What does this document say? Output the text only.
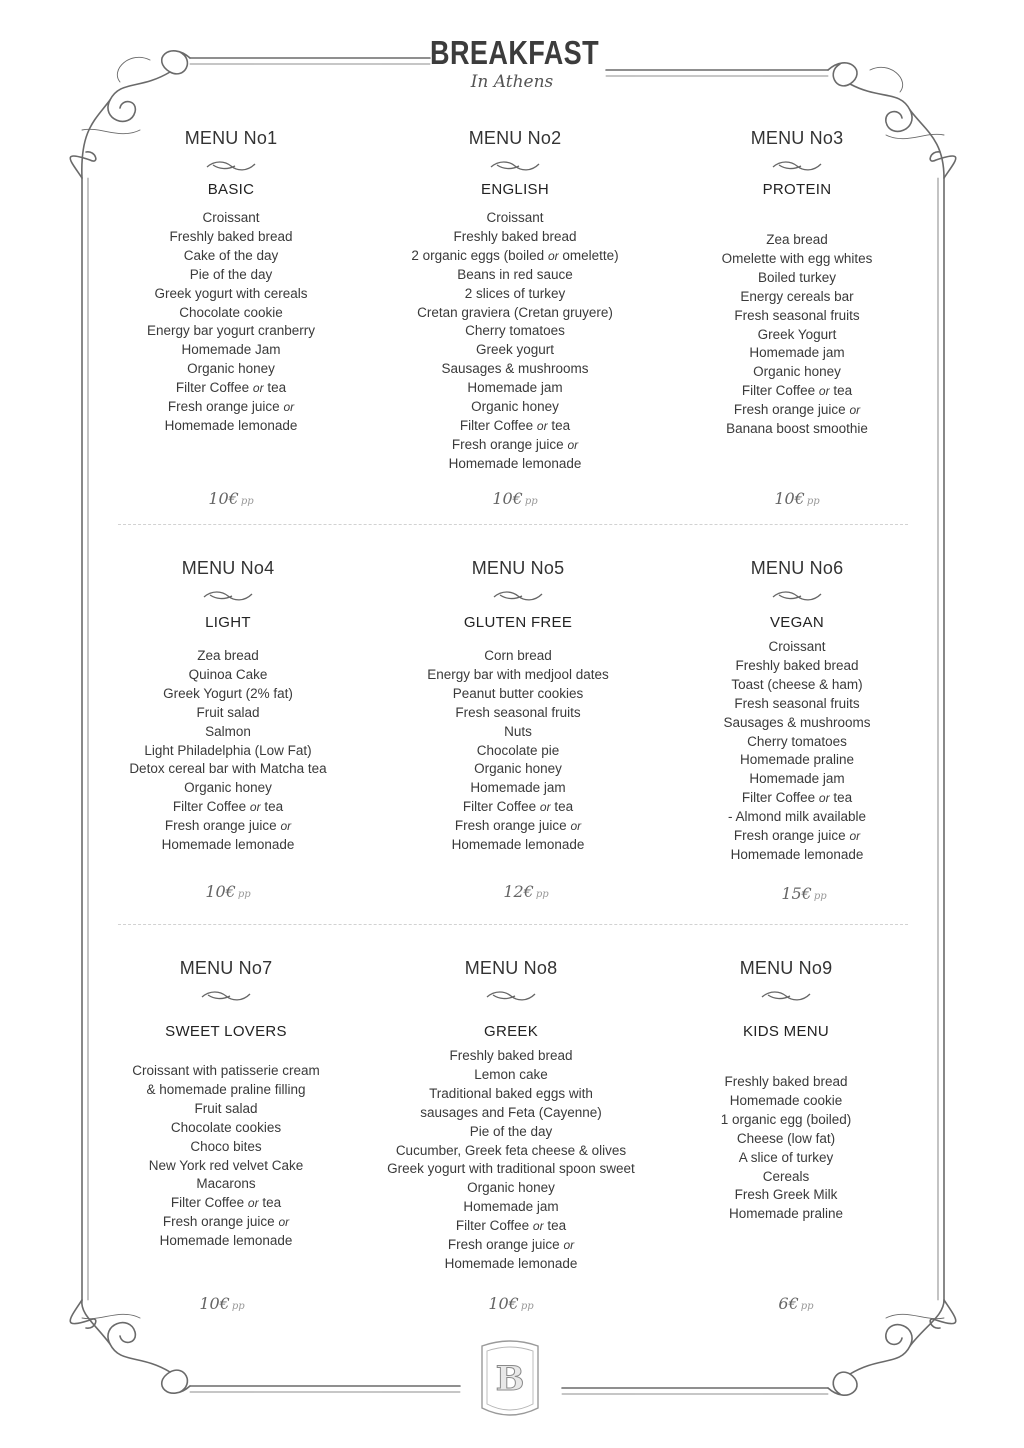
BREAKFAST
In Athens
MENU No1
BASIC
Croissant
Freshly baked bread
Cake of the day
Pie of the day
Greek yogurt with cereals
Chocolate cookie
Energy bar yogurt cranberry
Homemade Jam
Organic honey
Filter Coffee or tea
Fresh orange juice or
Homemade lemonade
10€ pp
MENU No2
ENGLISH
Croissant
Freshly baked bread
2 organic eggs (boiled or omelette)
Beans in red sauce
2 slices of turkey
Cretan graviera (Cretan gruyere)
Cherry tomatoes
Greek yogurt
Sausages & mushrooms
Homemade jam
Organic honey
Filter Coffee or tea
Fresh orange juice or
Homemade lemonade
10€ pp
MENU No3
PROTEIN
Zea bread
Omelette with egg whites
Boiled turkey
Energy cereals bar
Fresh seasonal fruits
Greek Yogurt
Homemade jam
Organic honey
Filter Coffee or tea
Fresh orange juice or
Banana boost smoothie
10€ pp
MENU No4
LIGHT
Zea bread
Quinoa Cake
Greek Yogurt (2% fat)
Fruit salad
Salmon
Light Philadelphia (Low Fat)
Detox cereal bar with Matcha tea
Organic honey
Filter Coffee or tea
Fresh orange juice or
Homemade lemonade
10€ pp
MENU No5
GLUTEN FREE
Corn bread
Energy bar with medjool dates
Peanut butter cookies
Fresh seasonal fruits
Nuts
Chocolate pie
Organic honey
Homemade jam
Filter Coffee or tea
Fresh orange juice or
Homemade lemonade
12€ pp
MENU No6
VEGAN
Croissant
Freshly baked bread
Toast (cheese & ham)
Fresh seasonal fruits
Sausages & mushrooms
Cherry tomatoes
Homemade praline
Homemade jam
Filter Coffee or tea
- Almond milk available
Fresh orange juice or
Homemade lemonade
15€ pp
MENU No7
SWEET LOVERS
Croissant with patisserie cream
& homemade praline filling
Fruit salad
Chocolate cookies
Choco bites
New York red velvet Cake
Macarons
Filter Coffee or tea
Fresh orange juice or
Homemade lemonade
10€ pp
MENU No8
GREEK
Freshly baked bread
Lemon cake
Traditional baked eggs with
sausages and Feta (Cayenne)
Pie of the day
Cucumber, Greek feta cheese & olives
Greek yogurt with traditional spoon sweet
Organic honey
Homemade jam
Filter Coffee or tea
Fresh orange juice or
Homemade lemonade
10€ pp
MENU No9
KIDS MENU
Freshly baked bread
Homemade cookie
1 organic egg (boiled)
Cheese (low fat)
A slice of turkey
Cereals
Fresh Greek Milk
Homemade praline
6€ pp
B
